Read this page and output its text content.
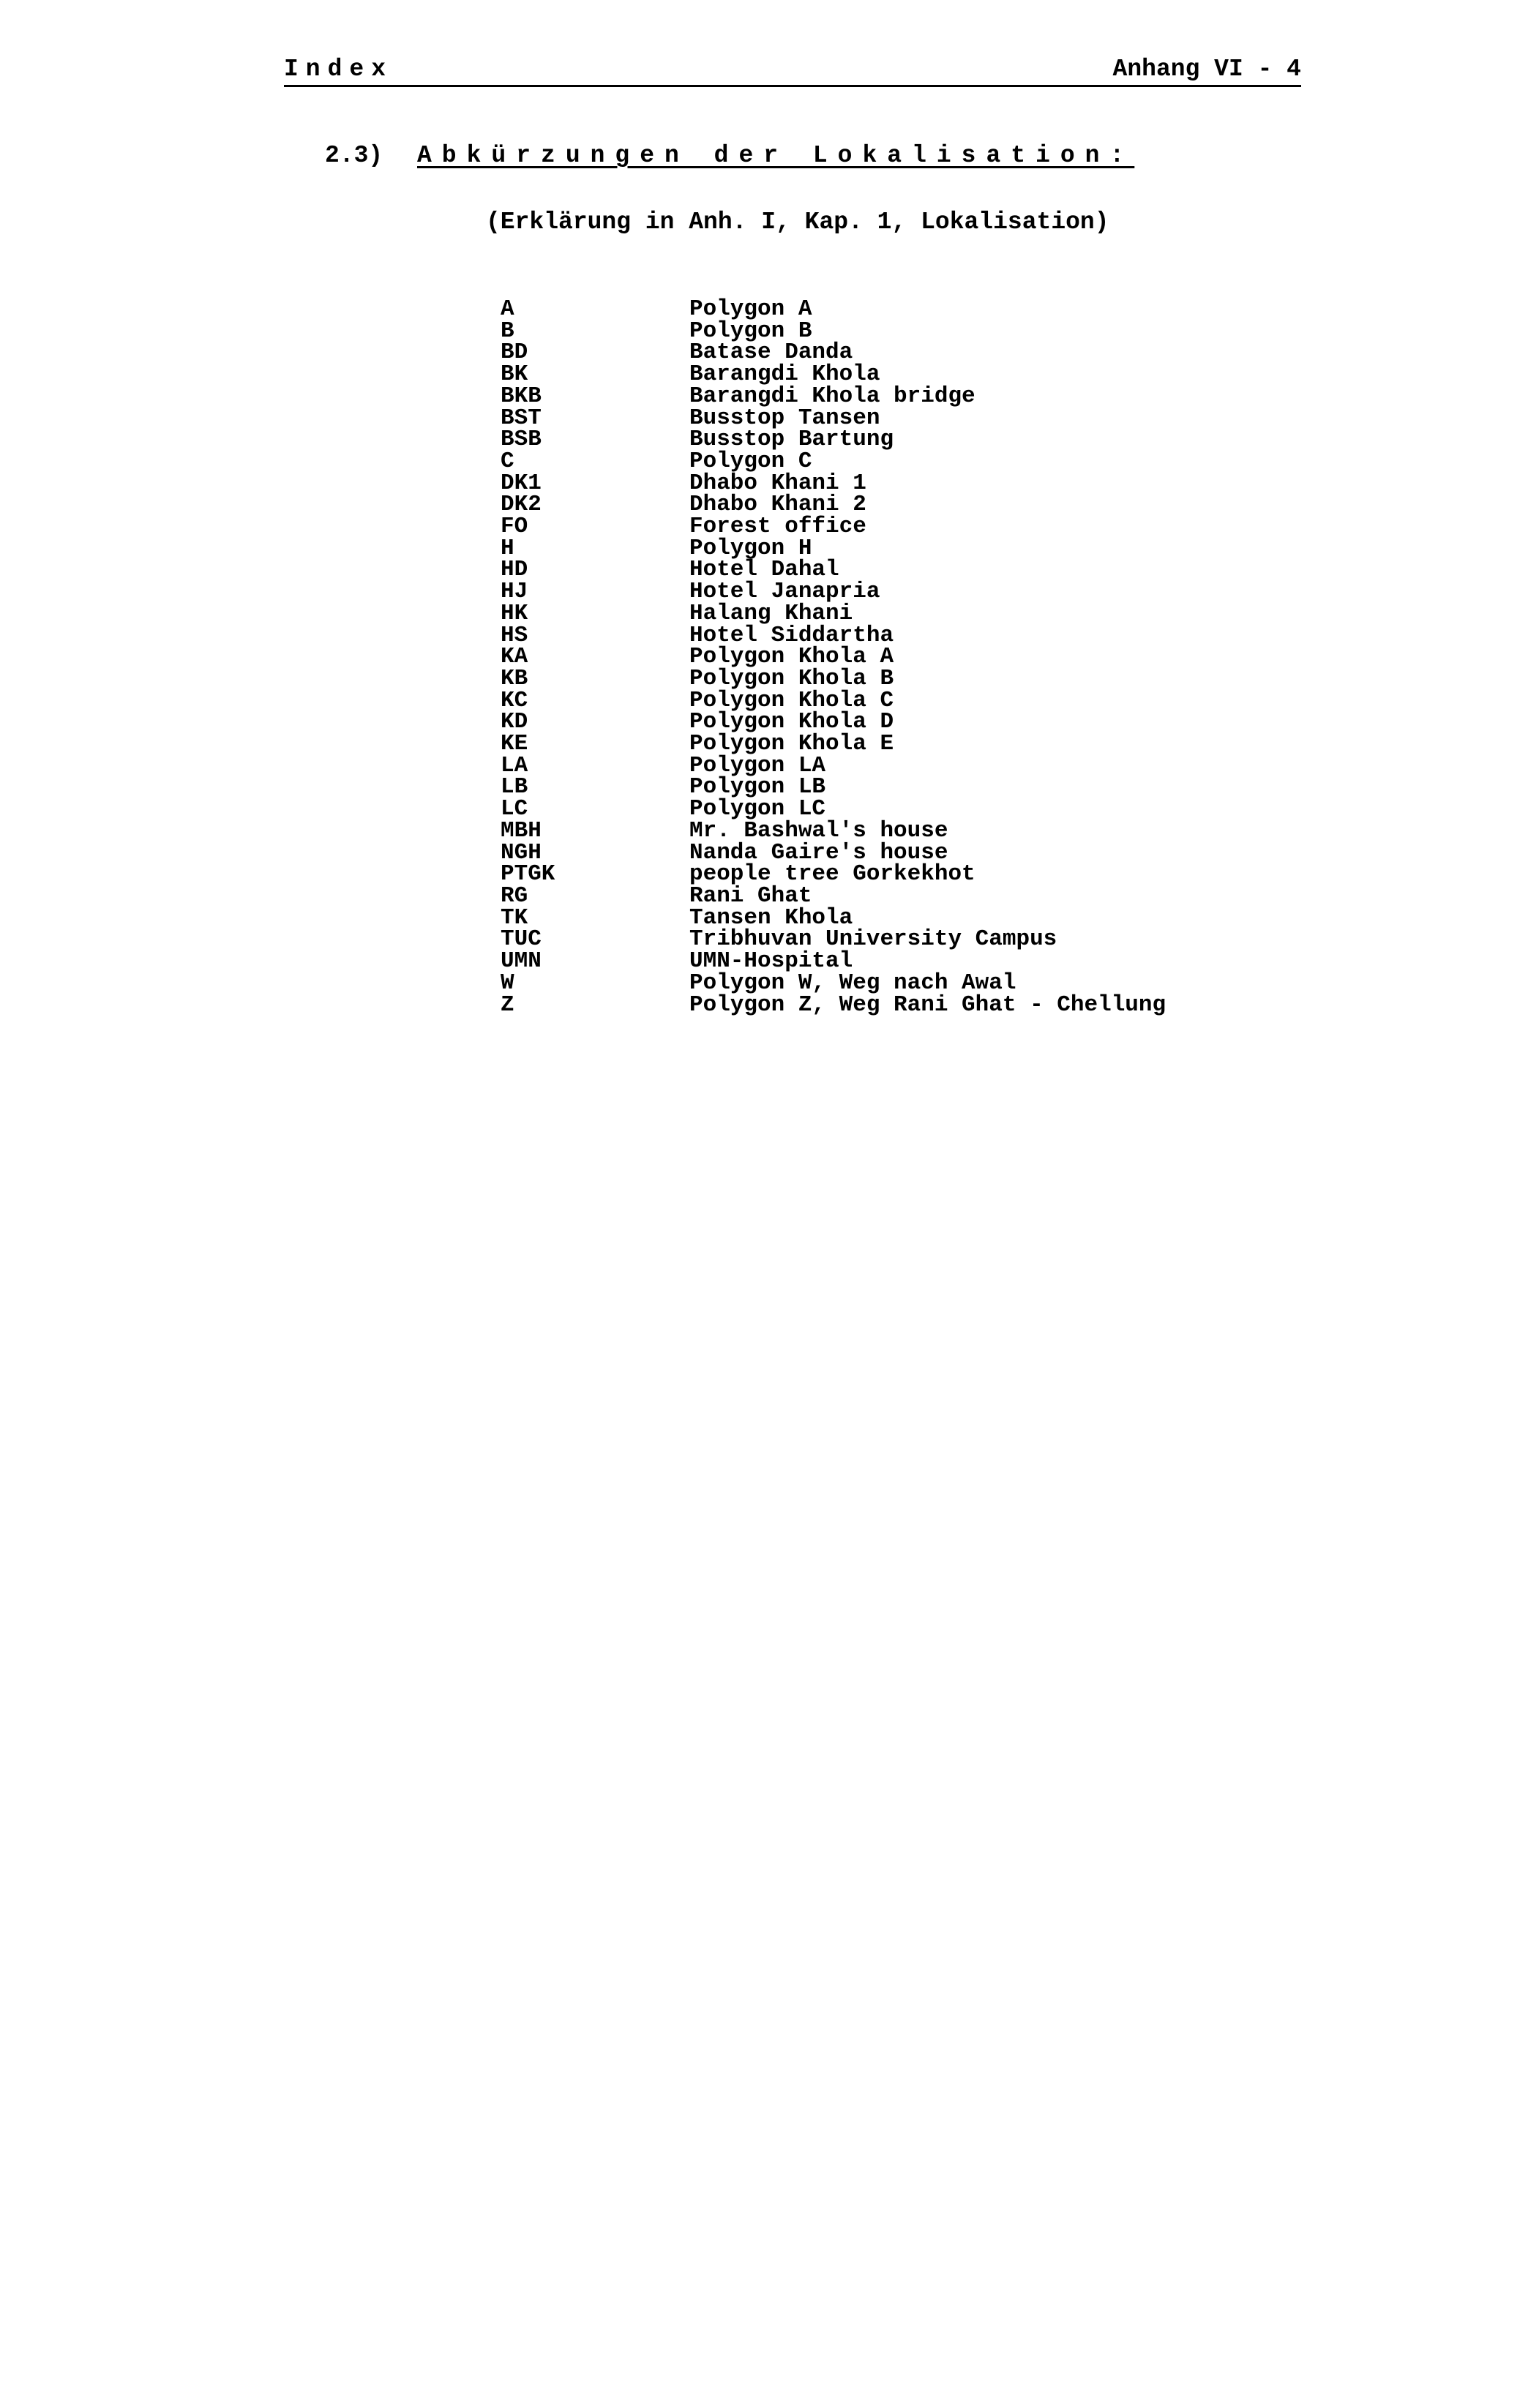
Index	Anhang VI - 4
2.3) Abkürzungen der Lokalisation:
(Erklärung in Anh. I, Kap. 1, Lokalisation)
A	Polygon A
B	Polygon B
BD	Batase Danda
BK	Barangdi Khola
BKB	Barangdi Khola bridge
BST	Busstop Tansen
BSB	Busstop Bartung
C	Polygon C
DK1	Dhabo Khani 1
DK2	Dhabo Khani 2
FO	Forest office
H	Polygon H
HD	Hotel Dahal
HJ	Hotel Janapria
HK	Halang Khani
HS	Hotel Siddartha
KA	Polygon Khola A
KB	Polygon Khola B
KC	Polygon Khola C
KD	Polygon Khola D
KE	Polygon Khola E
LA	Polygon LA
LB	Polygon LB
LC	Polygon LC
MBH	Mr. Bashwal's house
NGH	Nanda Gaire's house
PTGK	people tree Gorkekhot
RG	Rani Ghat
TK	Tansen Khola
TUC	Tribhuvan University Campus
UMN	UMN-Hospital
W	Polygon W, Weg nach Awal
Z	Polygon Z, Weg Rani Ghat - Chellung
